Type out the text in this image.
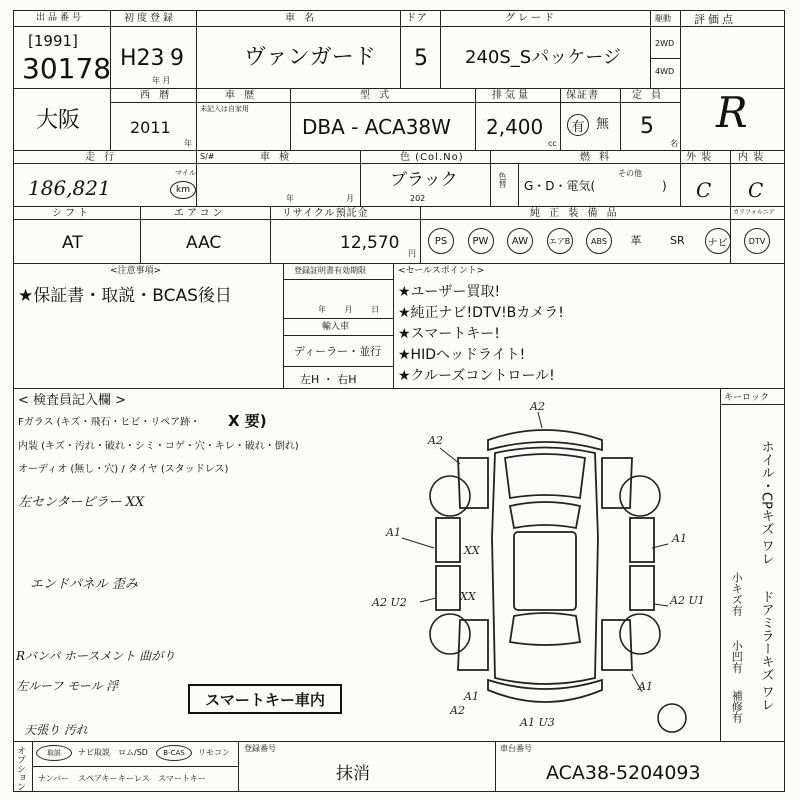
出品番号
[1991]
30178
初度登録
H23 9
年 月
車 名
ヴァンガード
ドア
5
グレード
240S_Sパッケージ
駆動
2WD
4WD
評価点
R
大阪
西 暦
2011
年
車 歴
未記入は自家用
型 式
DBA - ACA38W
排気量
2,400
cc
保証書
有 無
定 員
5
名
走 行
186,821
S/#
マイル
km
車 検
年	月
色 (Col.No)
ブラック
202
色替
燃 料
G・D・電気(
その他
)
外 装
C
内 装
C
シフト
AT
エアコン
AAC
リサイクル預託金
12,570
円
純 正 装 備 品	カリフォルニア
PS	PW	AW	エアB	ABS	革	SR	ナビ	DTV
<注意事項>
★保証書・取説・BCAS後日
登録証明書有効期限
年 月 日
輸入車
ディーラー・並行
左H ・ 右H
<セールスポイント>
★ユーザー買取!
★純正ナビ!DTV!Bカメラ!
★スマートキー!
★HIDヘッドライト!
★クルーズコントロール!
< 検査員記入欄 >
Fガラス (キズ・飛石・ヒビ・リペア跡・ X 要)
内装 (キズ・汚れ・破れ・シミ・コゲ・穴・キレ・破れ・倒れ)
オーディオ (無し・穴) / タイヤ (スタッドレス)
左センターピラー XX
エンドパネル 歪み
Rバンパ ホースメント 曲がり
左ルーフ モール 浮
天張り 汚れ
スマートキー車内
A2
A2
A1
XX
A2 U2	XX
A1
A2 U1
A1
A1
A1 U3
A2
キーロック
ホイル・CPキズ ワレ
ドアミラーキズ ワレ
小キズ有
小凹有
補修有
オプション	取説	ナビ取説 ロム/SD	B-CAS	リモコン
ナンバー スペアキー キーレス スマートキー
登録番号
抹消
車台番号
ACA38-5204093
